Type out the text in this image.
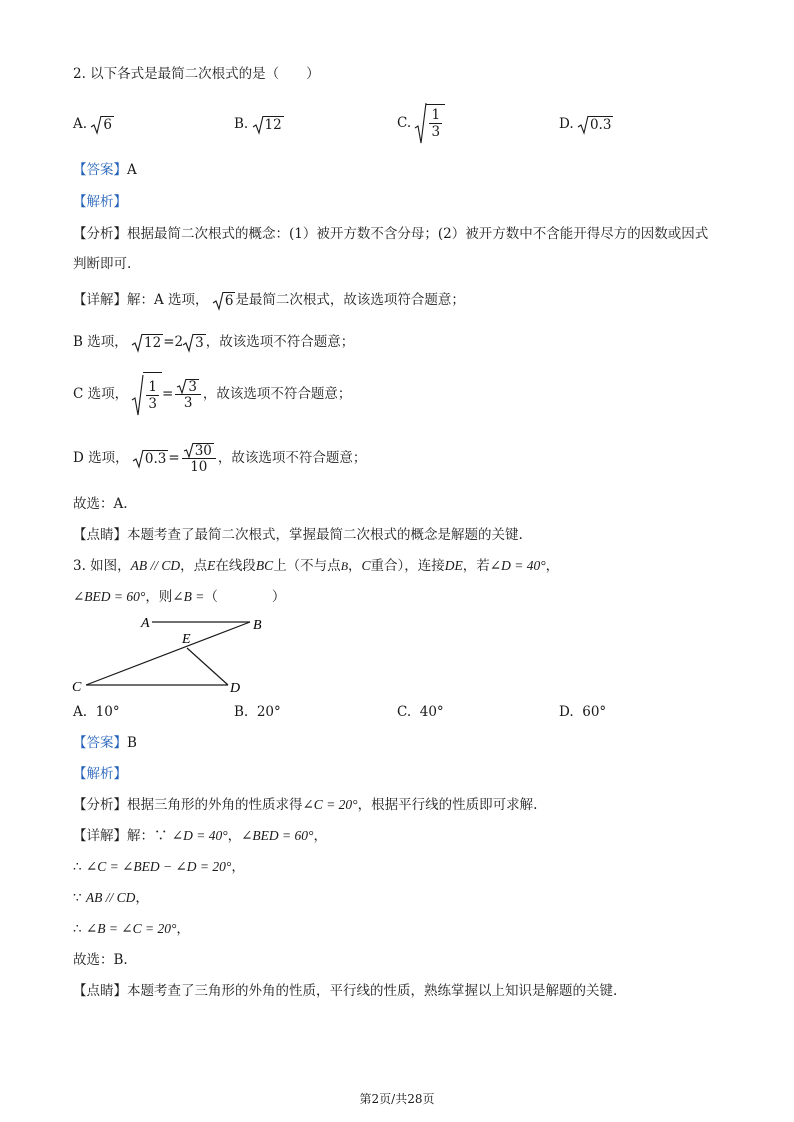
2. 以下各式是最简二次根式的是（　　）
A. 6	B. 12	C. $\frac{1}{3}$	D. 0.3
【答案】A
【解析】
【分析】根据最简二次根式的概念：(1）被开方数不含分母；(2）被开方数中不含能开得尽方的因数或因式
判断即可.
【详解】解：A 选项， 6 是最简二次根式，故该选项符合题意；
B 选项， 12 =2 3 ，故该选项不符合题意；
C 选项， $\frac{1}{3} = \frac{3}{3}$ ，故该选项不符合题意；
D 选项， $0.3 = \frac{30}{10}$ ，故该选项不符合题意；
故选：A.
【点睛】本题考查了最简二次根式，掌握最简二次根式的概念是解题的关键.
3. 如图，AB // CD，点E在线段BC上（不与点B，C重合），连接DE，若∠D = 40°，
∠BED = 60°，则∠B =（　　　　）
A	B
E
C	D
A. 10°	B. 20°	C. 40°	D. 60°
【答案】B
【解析】
【分析】根据三角形的外角的性质求得∠C = 20°，根据平行线的性质即可求解.
【详解】解：∵ ∠D = 40°，∠BED = 60°，
∴ ∠C = ∠BED − ∠D = 20°，
∵ AB // CD，
∴ ∠B = ∠C = 20°，
故选：B.
【点睛】本题考查了三角形的外角的性质，平行线的性质，熟练掌握以上知识是解题的关键.
第2页/共28页
